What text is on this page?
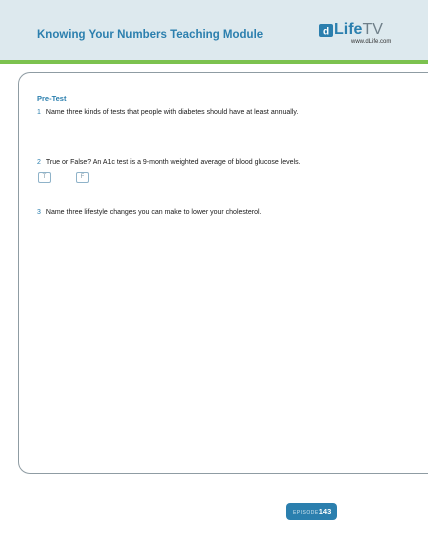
Knowing Your Numbers Teaching Module	d LifeTV
www.dLife.com
Pre-Test
1 Name three kinds of tests that people with diabetes should have at least annually.
2 True or False? An A1c test is a 9-month weighted average of blood glucose levels.
T	F
3 Name three lifestyle changes you can make to lower your cholesterol.
EPISODE143
